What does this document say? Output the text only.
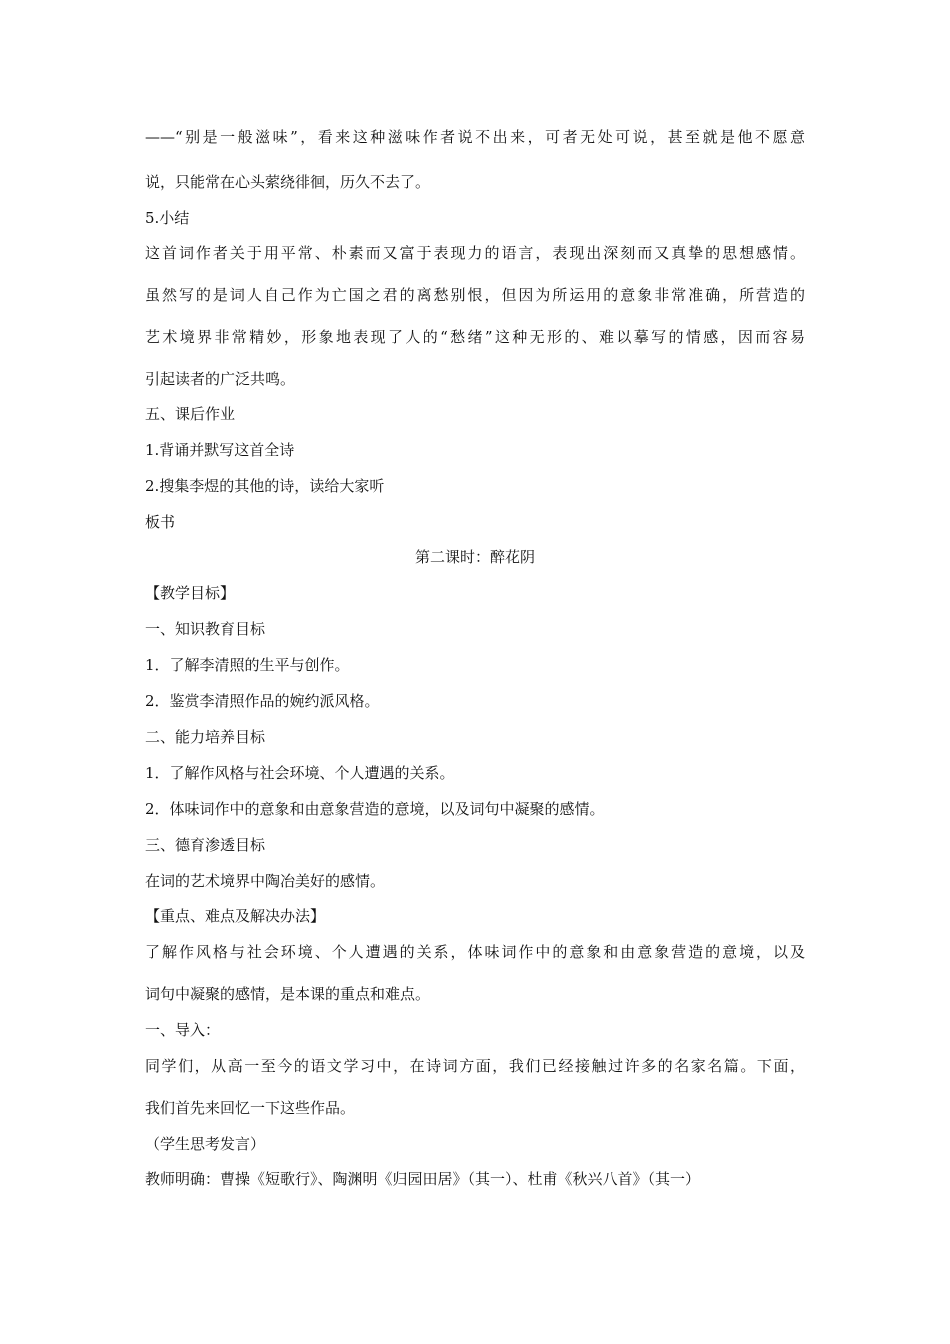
——“别是一般滋味”，看来这种滋味作者说不出来，可者无处可说，甚至就是他不愿意
说，只能常在心头萦绕徘徊，历久不去了。
5.小结
这首词作者关于用平常、朴素而又富于表现力的语言，表现出深刻而又真挚的思想感情。
虽然写的是词人自己作为亡国之君的离愁别恨，但因为所运用的意象非常准确，所营造的
艺术境界非常精妙，形象地表现了人的“愁绪”这种无形的、难以摹写的情感，因而容易
引起读者的广泛共鸣。
五、课后作业
1.背诵并默写这首全诗
2.搜集李煜的其他的诗，读给大家听
板书
第二课时：醉花阴
【教学目标】
一、知识教育目标
1．了解李清照的生平与创作。
2．鉴赏李清照作品的婉约派风格。
二、能力培养目标
1．了解作风格与社会环境、个人遭遇的关系。
2．体味词作中的意象和由意象营造的意境，以及词句中凝聚的感情。
三、德育渗透目标
在词的艺术境界中陶冶美好的感情。
【重点、难点及解决办法】
了解作风格与社会环境、个人遭遇的关系，体味词作中的意象和由意象营造的意境，以及
词句中凝聚的感情，是本课的重点和难点。
一、导入：
同学们，从高一至今的语文学习中，在诗词方面，我们已经接触过许多的名家名篇。下面，
我们首先来回忆一下这些作品。
（学生思考发言）
教师明确：曹操《短歌行》、陶渊明《归园田居》（其一）、杜甫《秋兴八首》（其一）
